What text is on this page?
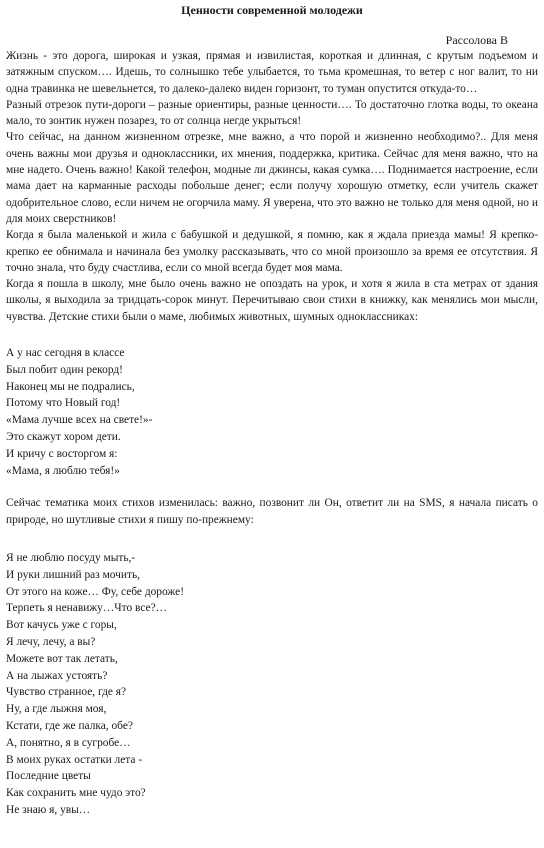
Ценности современной молодежи
Рассолова В
Жизнь - это дорога, широкая и узкая, прямая и извилистая, короткая и длинная, с крутым подъемом и затяжным спуском…. Идешь, то солнышко тебе улыбается, то тьма кромешная, то ветер с ног валит, то ни одна травинка не шевельнется, то далеко-далеко виден горизонт, то туман опустится откуда-то…
Разный отрезок пути-дороги – разные ориентиры, разные ценности…. То достаточно глотка воды, то океана мало, то зонтик нужен позарез, то от солнца негде укрыться!
Что сейчас, на данном жизненном отрезке, мне важно, а что порой и жизненно необходимо?.. Для меня очень важны мои друзья и одноклассники, их мнения, поддержка, критика. Сейчас для меня важно, что на мне надето. Очень важно! Какой телефон, модные ли джинсы, какая сумка…. Поднимается настроение, если мама дает на карманные расходы побольше денег; если получу хорошую отметку, если учитель скажет одобрительное слово, если ничем не огорчила маму. Я уверена, что это важно не только для меня одной, но и для моих сверстников!
Когда я была маленькой и жила с бабушкой и дедушкой, я помню, как я ждала приезда мамы! Я крепко-крепко ее обнимала и начинала без умолку рассказывать, что со мной произошло за время ее отсутствия. Я точно знала, что буду счастлива, если со мной всегда будет моя мама.
Когда я пошла в школу, мне было очень важно не опоздать на урок, и хотя я жила в ста метрах от здания школы, я выходила за тридцать-сорок минут. Перечитываю свои стихи в книжку, как менялись мои мысли, чувства. Детские стихи были о маме, любимых животных, шумных одноклассниках:
А у нас сегодня в классе
Был побит один рекорд!
Наконец мы не подрались,
Потому что Новый год!
«Мама лучше всех на свете!»-
Это скажут хором дети.
И кричу с восторгом я:
«Мама, я люблю тебя!»
Сейчас тематика моих стихов изменилась: важно, позвонит ли Он, ответит ли на SMS, я начала писать о природе, но шутливые стихи я пишу по-прежнему:
Я не люблю посуду мыть,-
И руки лишний раз мочить,
От этого на коже… Фу, себе дороже!
Терпеть я ненавижу…Что все?…
Вот качусь уже с горы,
Я лечу, лечу, а вы?
Можете вот так летать,
А на лыжах устоять?
Чувство странное, где я?
Ну, а где лыжня моя,
Кстати, где же палка, обе?
А, понятно, я в сугробе…
В моих руках остатки лета -
Последние цветы
Как сохранить мне чудо это?
Не знаю я, увы…
